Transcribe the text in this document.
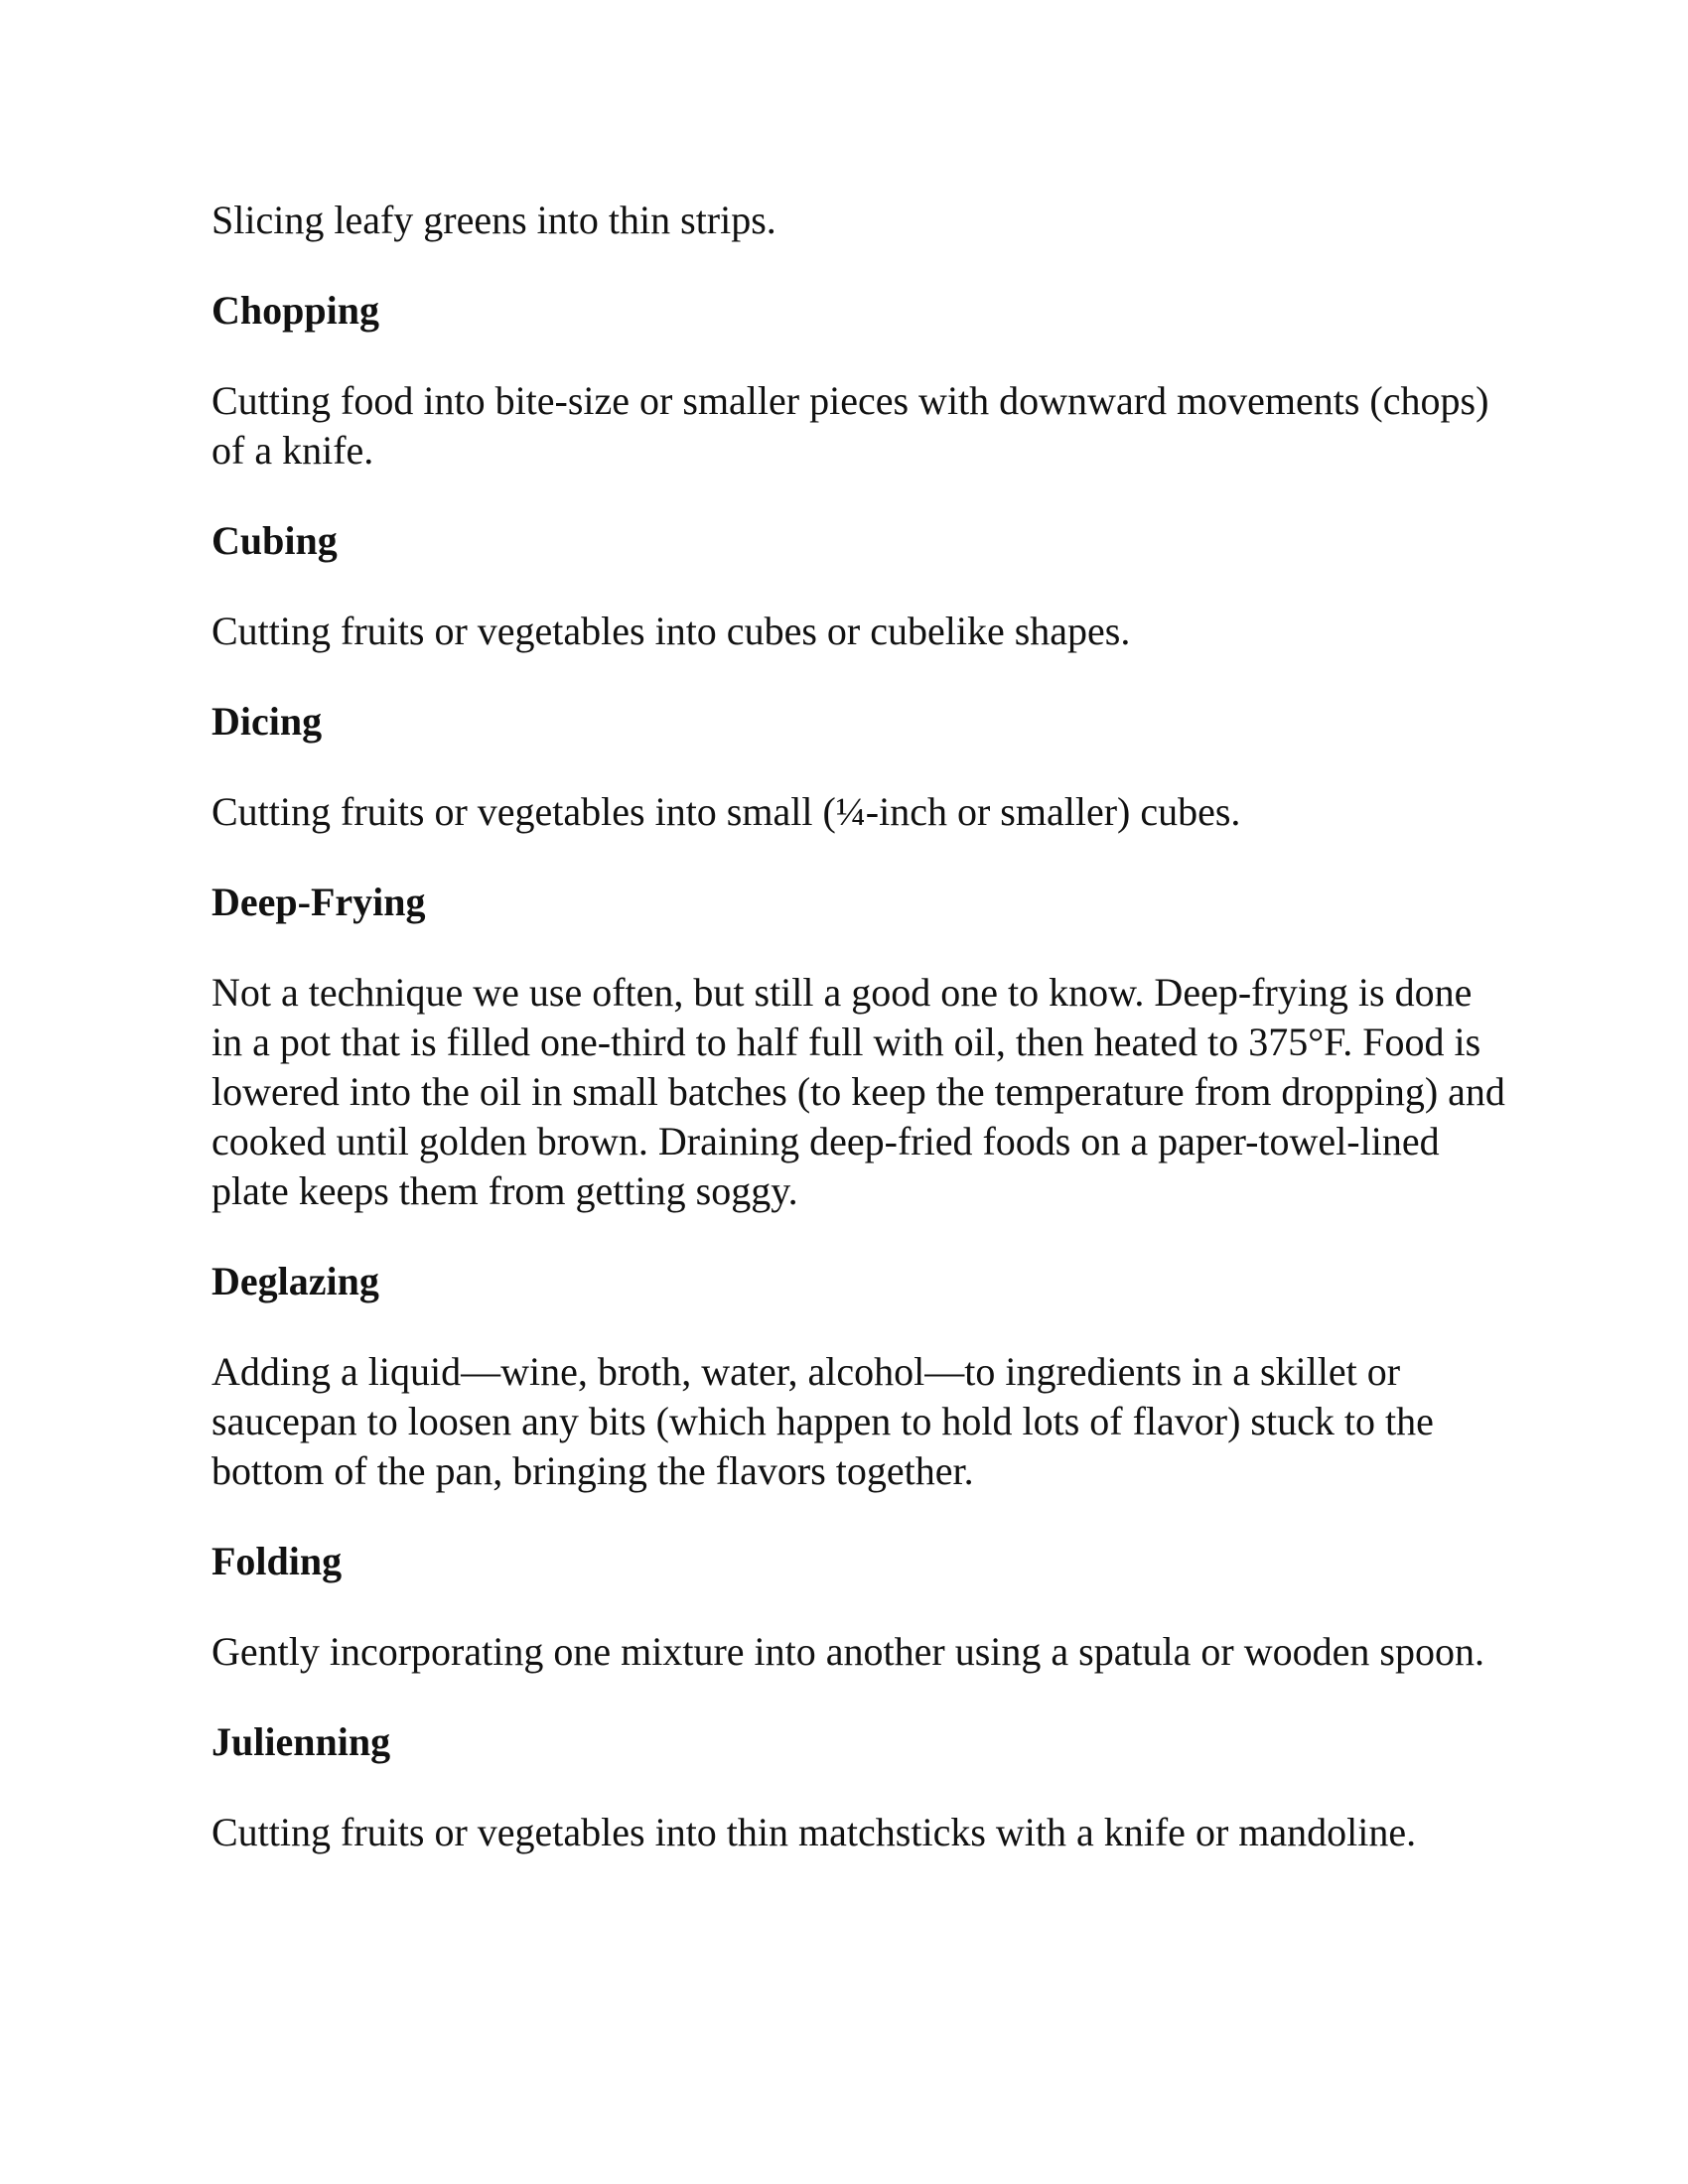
Slicing leafy greens into thin strips.

Chopping

Cutting food into bite-size or smaller pieces with downward movements (chops) of a knife.

Cubing

Cutting fruits or vegetables into cubes or cubelike shapes.

Dicing

Cutting fruits or vegetables into small (¼-inch or smaller) cubes.

Deep-Frying

Not a technique we use often, but still a good one to know. Deep-frying is done in a pot that is filled one-third to half full with oil, then heated to 375°F. Food is lowered into the oil in small batches (to keep the temperature from dropping) and cooked until golden brown. Draining deep-fried foods on a paper-towel-lined plate keeps them from getting soggy.

Deglazing

Adding a liquid—wine, broth, water, alcohol—to ingredients in a skillet or saucepan to loosen any bits (which happen to hold lots of flavor) stuck to the bottom of the pan, bringing the flavors together.

Folding

Gently incorporating one mixture into another using a spatula or wooden spoon.

Julienning

Cutting fruits or vegetables into thin matchsticks with a knife or mandoline.
